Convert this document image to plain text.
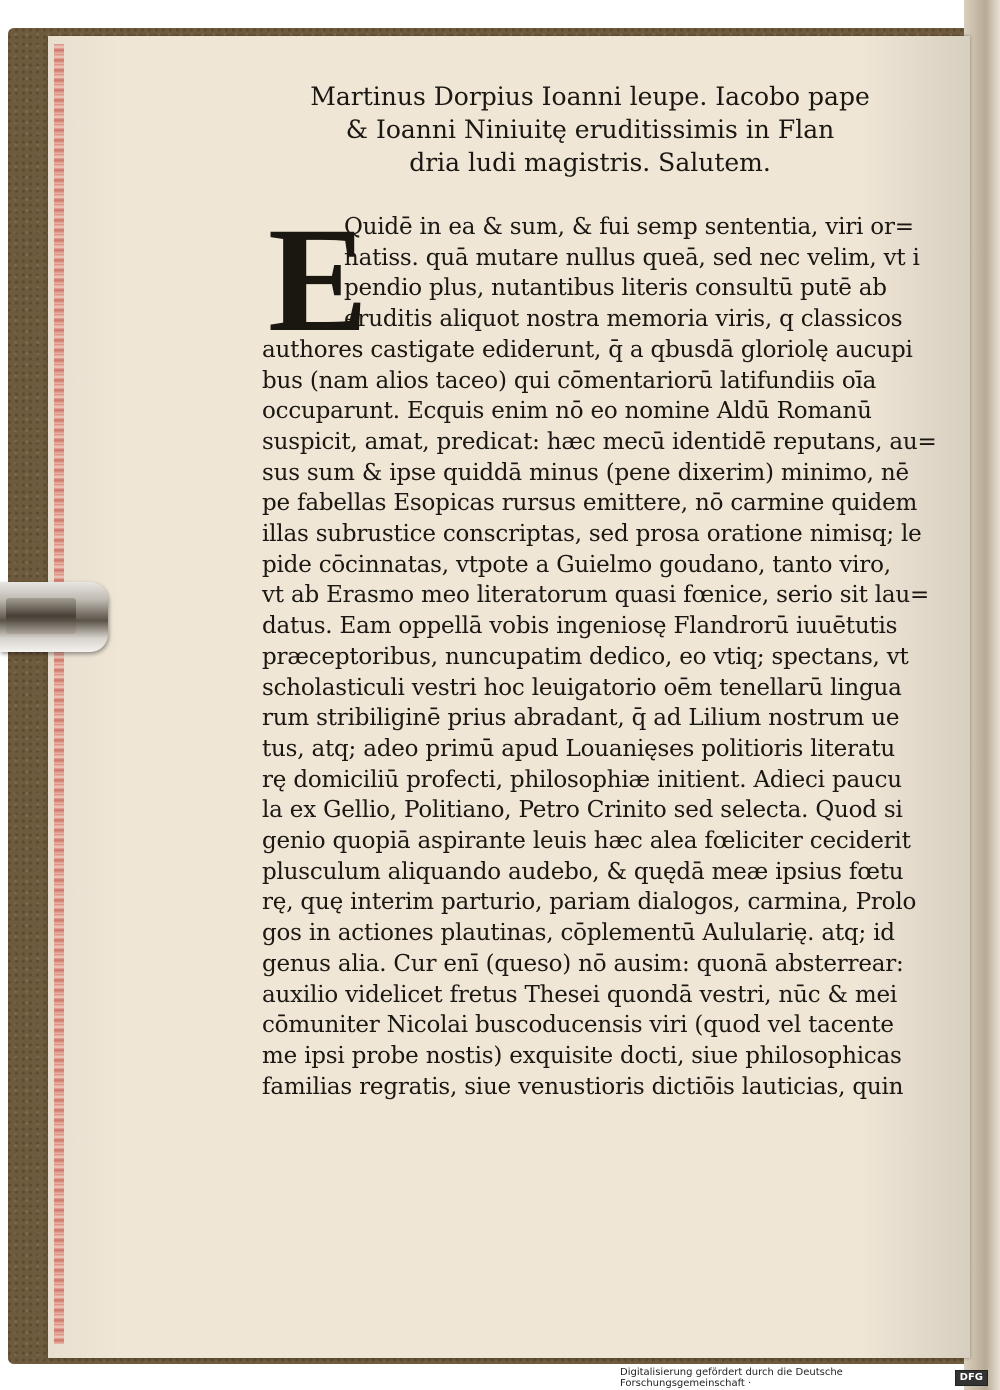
Martinus Dorpius Ioanni leupe. Iacobo pape
& Ioanni Niniuitę eruditissimis in Flan
dria ludi magistris. Salutem.
E
Quidē in ea & sum, & fui semp sententia, viri or=
natiss. quā mutare nullus queā, sed nec velim, vt i
pendio plus, nutantibus literis consultū putē ab
eruditis aliquot nostra memoria viris, q classicos
authores castigate ediderunt, q̄ a qbusdā gloriolę aucupi
bus (nam alios taceo) qui cōmentariorū latifundiis oīa
occuparunt. Ecquis enim nō eo nomine Aldū Romanū
suspicit, amat, predicat: hæc mecū identidē reputans, au=
sus sum & ipse quiddā minus (pene dixerim) minimo, nē
pe fabellas Esopicas rursus emittere, nō carmine quidem
illas subrustice conscriptas, sed prosa oratione nimisq; le
pide cōcinnatas, vtpote a Guielmo goudano, tanto viro,
vt ab Erasmo meo literatorum quasi fœnice, serio sit lau=
datus. Eam oppellā vobis ingeniosę Flandrorū iuuētutis
præceptoribus, nuncupatim dedico, eo vtiq; spectans, vt
scholasticuli vestri hoc leuigatorio oēm tenellarū lingua
rum stribiliginē prius abradant, q̄ ad Lilium nostrum ue
tus, atq; adeo primū apud Louanięses politioris literatu
rę domiciliū profecti, philosophiæ initient. Adieci paucu
la ex Gellio, Politiano, Petro Crinito sed selecta. Quod si
genio quopiā aspirante leuis hæc alea fœliciter ceciderit
plusculum aliquando audebo, & quędā meæ ipsius fœtu
rę, quę interim parturio, pariam dialogos, carmina, Prolo
gos in actiones plautinas, cōplementū Aulularię. atq; id
genus alia. Cur enī (queso) nō ausim: quonā absterrear:
auxilio videlicet fretus Thesei quondā vestri, nūc & mei
cōmuniter Nicolai buscoducensis viri (quod vel tacente
me ipsi probe nostis) exquisite docti, siue philosophicas
familias regratis, siue venustioris dictiōis lauticias, quin
Digitalisierung gefördert durch die Deutsche Forschungsgemeinschaft ·
DFG
